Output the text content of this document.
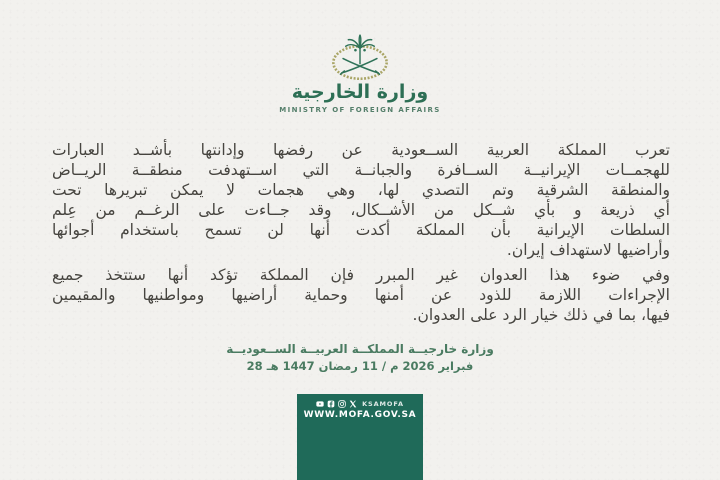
وزارة الخارجية
MINISTRY OF FOREIGN AFFAIRS
تعرب المملكة العربية الســعودية عن رفضها وإدانتها بأشــد العبارات
للهجمــات الإيرانيــة الســافرة والجبانــة التي اســتهدفت منطقــة الريــاض
والمنطقة الشرقية وتم التصدي لها، وهي هجمات لا يمكن تبريرها تحت
أي ذريعة و بأي شــكل من الأشــكال، وقد جــاءت على الرغــم من عِلم
السلطات الإيرانية بأن المملكة أكدت أنها لن تسمح باستخدام أجوائها
وأراضيها لاستهداف إيران.
وفي ضوء هذا العدوان غير المبرر فإن المملكة تؤكد أنها ستتخذ جميع
الإجراءات اللازمة للذود عن أمنها وحماية أراضيها ومواطنيها والمقيمين
فيها، بما في ذلك خيار الرد على العدوان.
وزارة خارجيــة المملكــة العربيــة الســعوديــة
28 فبراير 2026 م / 11 رمضان 1447 هـ
KSAMOFA
WWW.MOFA.GOV.SA
